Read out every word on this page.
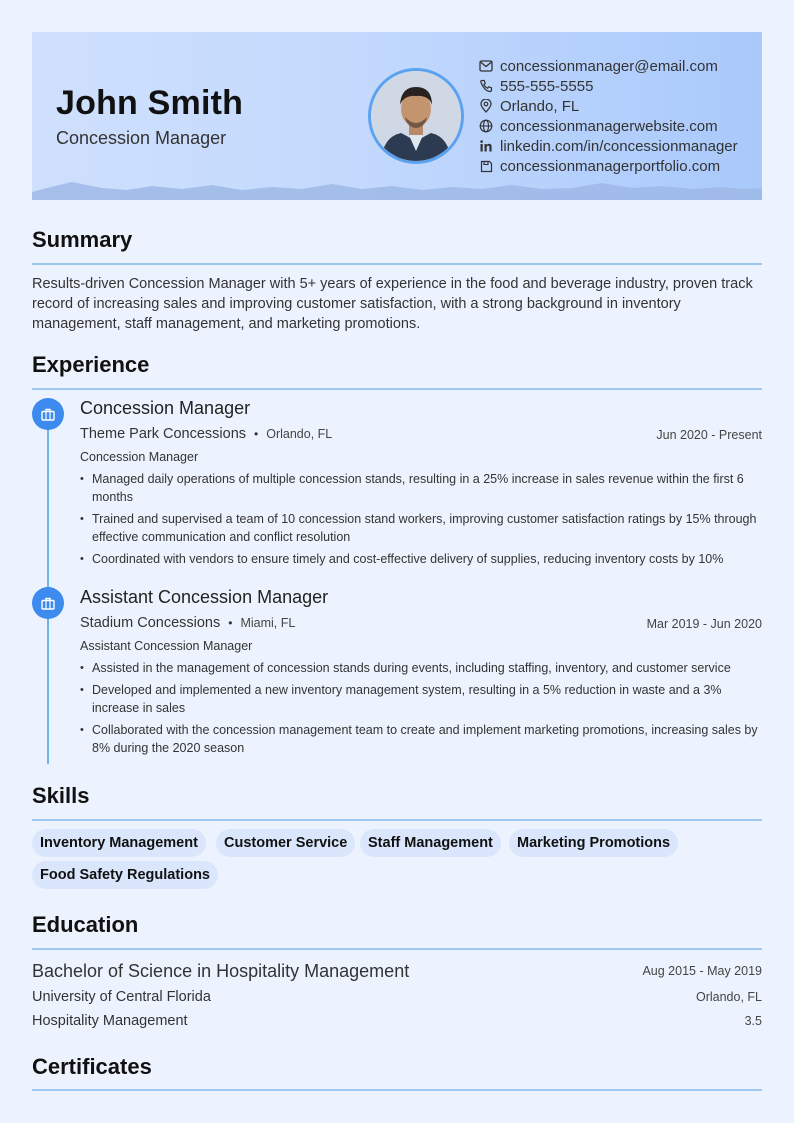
John Smith
Concession Manager
concessionmanager@email.com
555-555-5555
Orlando, FL
concessionmanagerwebsite.com
linkedin.com/in/concessionmanager
concessionmanagerportfolio.com
Summary
Results-driven Concession Manager with 5+ years of experience in the food and beverage industry, proven track record of increasing sales and improving customer satisfaction, with a strong background in inventory management, staff management, and marketing promotions.
Experience
Concession Manager
Theme Park Concessions • Orlando, FL	Jun 2020 - Present
Concession Manager
• Managed daily operations of multiple concession stands, resulting in a 25% increase in sales revenue within the first 6 months
• Trained and supervised a team of 10 concession stand workers, improving customer satisfaction ratings by 15% through effective communication and conflict resolution
• Coordinated with vendors to ensure timely and cost-effective delivery of supplies, reducing inventory costs by 10%
Assistant Concession Manager
Stadium Concessions • Miami, FL	Mar 2019 - Jun 2020
Assistant Concession Manager
• Assisted in the management of concession stands during events, including staffing, inventory, and customer service
• Developed and implemented a new inventory management system, resulting in a 5% reduction in waste and a 3% increase in sales
• Collaborated with the concession management team to create and implement marketing promotions, increasing sales by 8% during the 2020 season
Skills
Inventory Management	Customer Service	Staff Management	Marketing Promotions
Food Safety Regulations
Education
Bachelor of Science in Hospitality Management	Aug 2015 - May 2019
University of Central Florida	Orlando, FL
Hospitality Management	3.5
Certificates
